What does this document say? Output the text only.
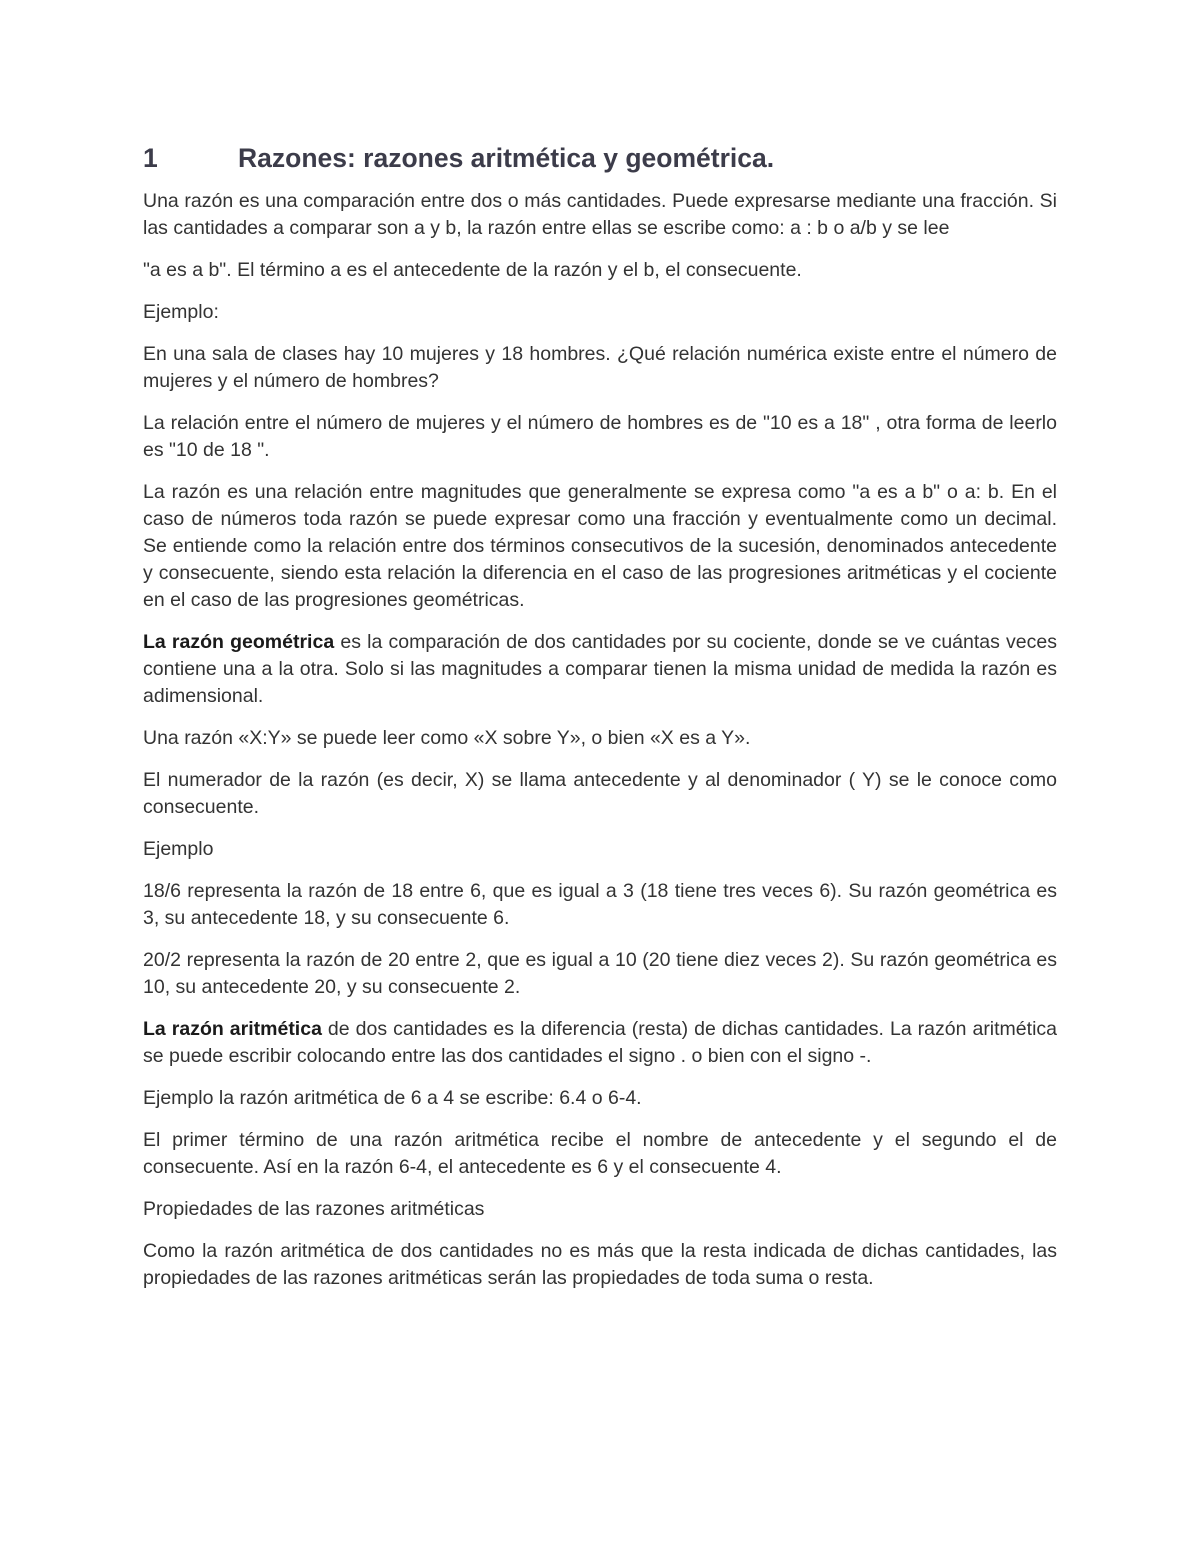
1	Razones: razones aritmética y geométrica.

Una razón es una comparación entre dos o más cantidades. Puede expresarse mediante una fracción. Si las cantidades a comparar son a y b, la razón entre ellas se escribe como: a : b o a/b y se lee

"a es a b". El término a es el antecedente de la razón y el b, el consecuente.

Ejemplo:

En una sala de clases hay 10 mujeres y 18 hombres. ¿Qué relación numérica existe entre el número de mujeres y el número de hombres?

La relación entre el número de mujeres y el número de hombres es de "10 es a 18" , otra forma de leerlo es "10 de 18 ".

La razón es una relación entre magnitudes que generalmente se expresa como "a es a b" o a: b. En el caso de números toda razón se puede expresar como una fracción y eventualmente como un decimal. Se entiende como la relación entre dos términos consecutivos de la sucesión, denominados antecedente y consecuente, siendo esta relación la diferencia en el caso de las progresiones aritméticas y el cociente en el caso de las progresiones geométricas.

La razón geométrica es la comparación de dos cantidades por su cociente, donde se ve cuántas veces contiene una a la otra. Solo si las magnitudes a comparar tienen la misma unidad de medida la razón es adimensional.

Una razón «X:Y» se puede leer como «X sobre Y», o bien «X es a Y».

El numerador de la razón (es decir, X) se llama antecedente y al denominador ( Y) se le conoce como consecuente.

Ejemplo

18/6 representa la razón de 18 entre 6, que es igual a 3 (18 tiene tres veces 6). Su razón geométrica es 3, su antecedente 18, y su consecuente 6.

20/2 representa la razón de 20 entre 2, que es igual a 10 (20 tiene diez veces 2). Su razón geométrica es 10, su antecedente 20, y su consecuente 2.

La razón aritmética de dos cantidades es la diferencia (resta) de dichas cantidades. La razón aritmética se puede escribir colocando entre las dos cantidades el signo . o bien con el signo -.

Ejemplo la razón aritmética de 6 a 4 se escribe: 6.4 o 6-4.

El primer término de una razón aritmética recibe el nombre de antecedente y el segundo el de consecuente. Así en la razón 6-4, el antecedente es 6 y el consecuente 4.

Propiedades de las razones aritméticas

Como la razón aritmética de dos cantidades no es más que la resta indicada de dichas cantidades, las propiedades de las razones aritméticas serán las propiedades de toda suma o resta.
